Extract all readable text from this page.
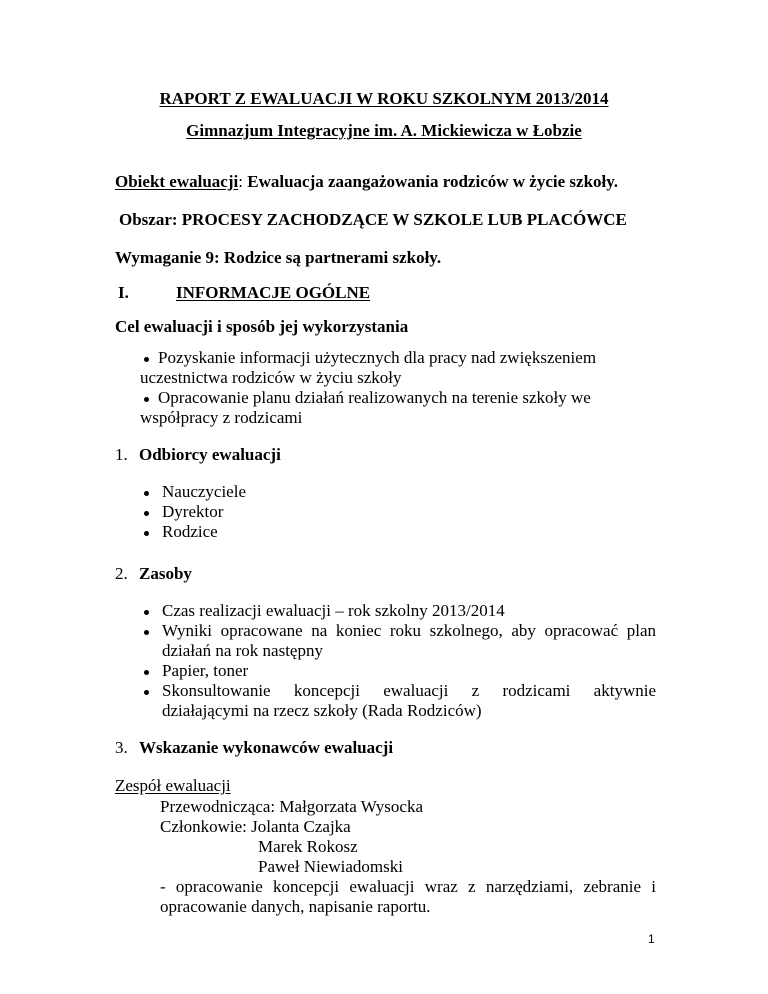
RAPORT Z EWALUACJI W ROKU SZKOLNYM 2013/2014
Gimnazjum Integracyjne im. A. Mickiewicza w Łobzie
Obiekt ewaluacji: Ewaluacja zaangażowania rodziców w życie szkoły.
Obszar: PROCESY ZACHODZĄCE W SZKOLE LUB PLACÓWCE
Wymaganie 9: Rodzice są partnerami szkoły.
I.	INFORMACJE OGÓLNE
Cel ewaluacji i sposób jej wykorzystania
Pozyskanie informacji użytecznych dla pracy nad zwiększeniem
uczestnictwa rodziców w życiu szkoły
Opracowanie planu działań realizowanych na terenie szkoły we
współpracy z rodzicami
1. Odbiorcy ewaluacji
Nauczyciele
Dyrektor
Rodzice
2. Zasoby
Czas realizacji ewaluacji – rok szkolny 2013/2014
Wyniki opracowane na koniec roku szkolnego, aby opracować plan
działań na rok następny
Papier, toner
Skonsultowanie koncepcji ewaluacji z rodzicami aktywnie
działającymi na rzecz szkoły (Rada Rodziców)
3. Wskazanie wykonawców ewaluacji
Zespół ewaluacji
Przewodnicząca: Małgorzata Wysocka
Członkowie: Jolanta Czajka
Marek Rokosz
Paweł Niewiadomski
- opracowanie koncepcji ewaluacji wraz z narzędziami, zebranie i
opracowanie danych, napisanie raportu.
1
